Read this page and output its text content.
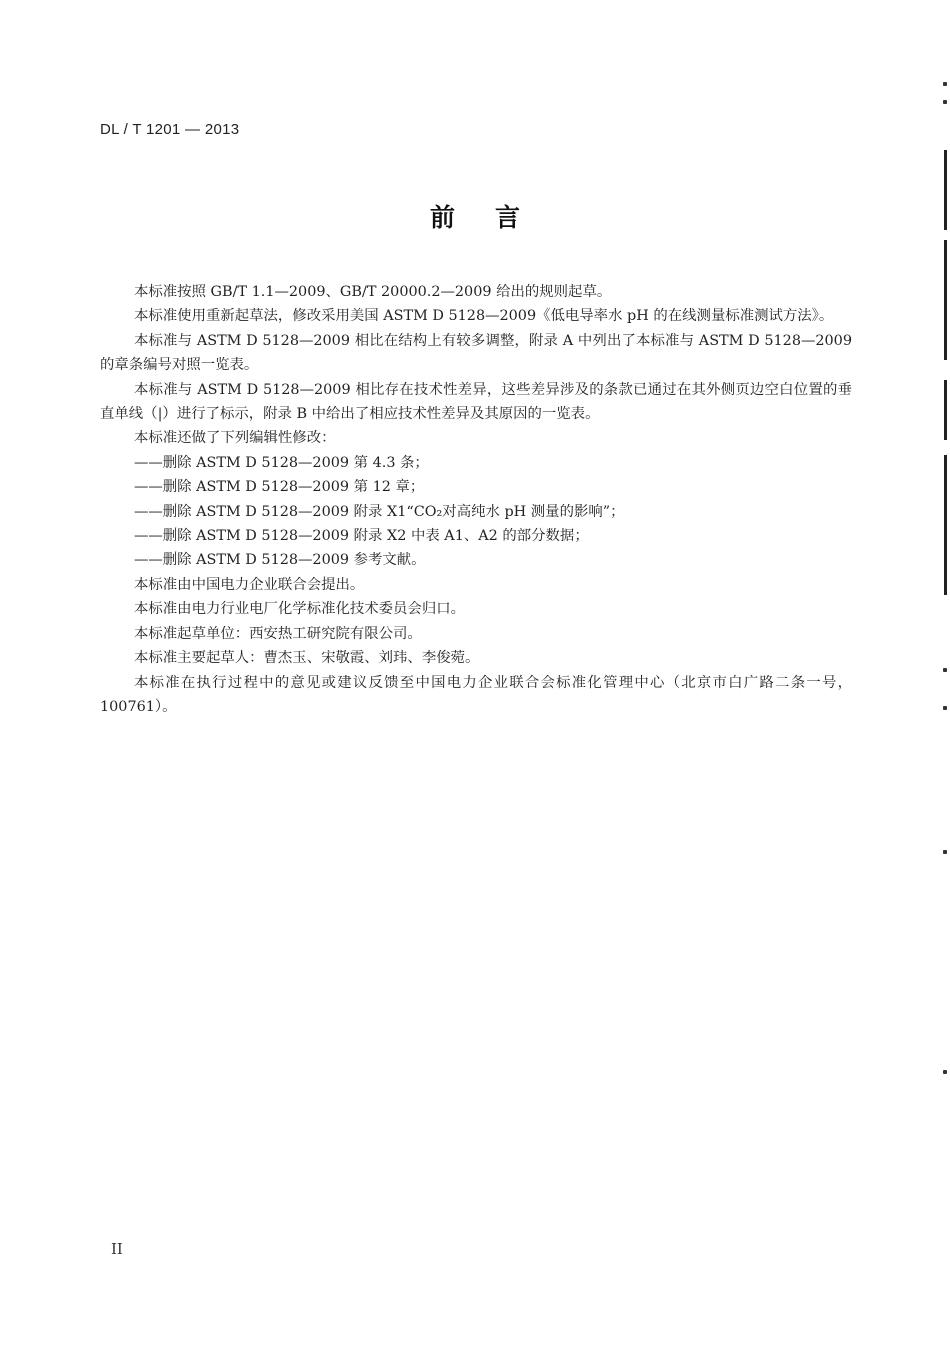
DL / T 1201 — 2013
前言

本标准按照 GB/T 1.1—2009、GB/T 20000.2—2009 给出的规则起草。

本标准使用重新起草法，修改采用美国 ASTM D 5128—2009《低电导率水 pH 的在线测量标准测试方法》。

本标准与 ASTM D 5128—2009 相比在结构上有较多调整，附录 A 中列出了本标准与 ASTM D 5128—2009 的章条编号对照一览表。

本标准与 ASTM D 5128—2009 相比存在技术性差异，这些差异涉及的条款已通过在其外侧页边空白位置的垂直单线（|）进行了标示，附录 B 中给出了相应技术性差异及其原因的一览表。

本标准还做了下列编辑性修改：

——删除 ASTM D 5128—2009 第 4.3 条；

——删除 ASTM D 5128—2009 第 12 章；

——删除 ASTM D 5128—2009 附录 X1“CO₂对高纯水 pH 测量的影响”；

——删除 ASTM D 5128—2009 附录 X2 中表 A1、A2 的部分数据；

——删除 ASTM D 5128—2009 参考文献。

本标准由中国电力企业联合会提出。

本标准由电力行业电厂化学标准化技术委员会归口。

本标准起草单位：西安热工研究院有限公司。

本标准主要起草人：曹杰玉、宋敬霞、刘玮、李俊菀。

本标准在执行过程中的意见或建议反馈至中国电力企业联合会标准化管理中心（北京市白广路二条一号，100761）。

II
